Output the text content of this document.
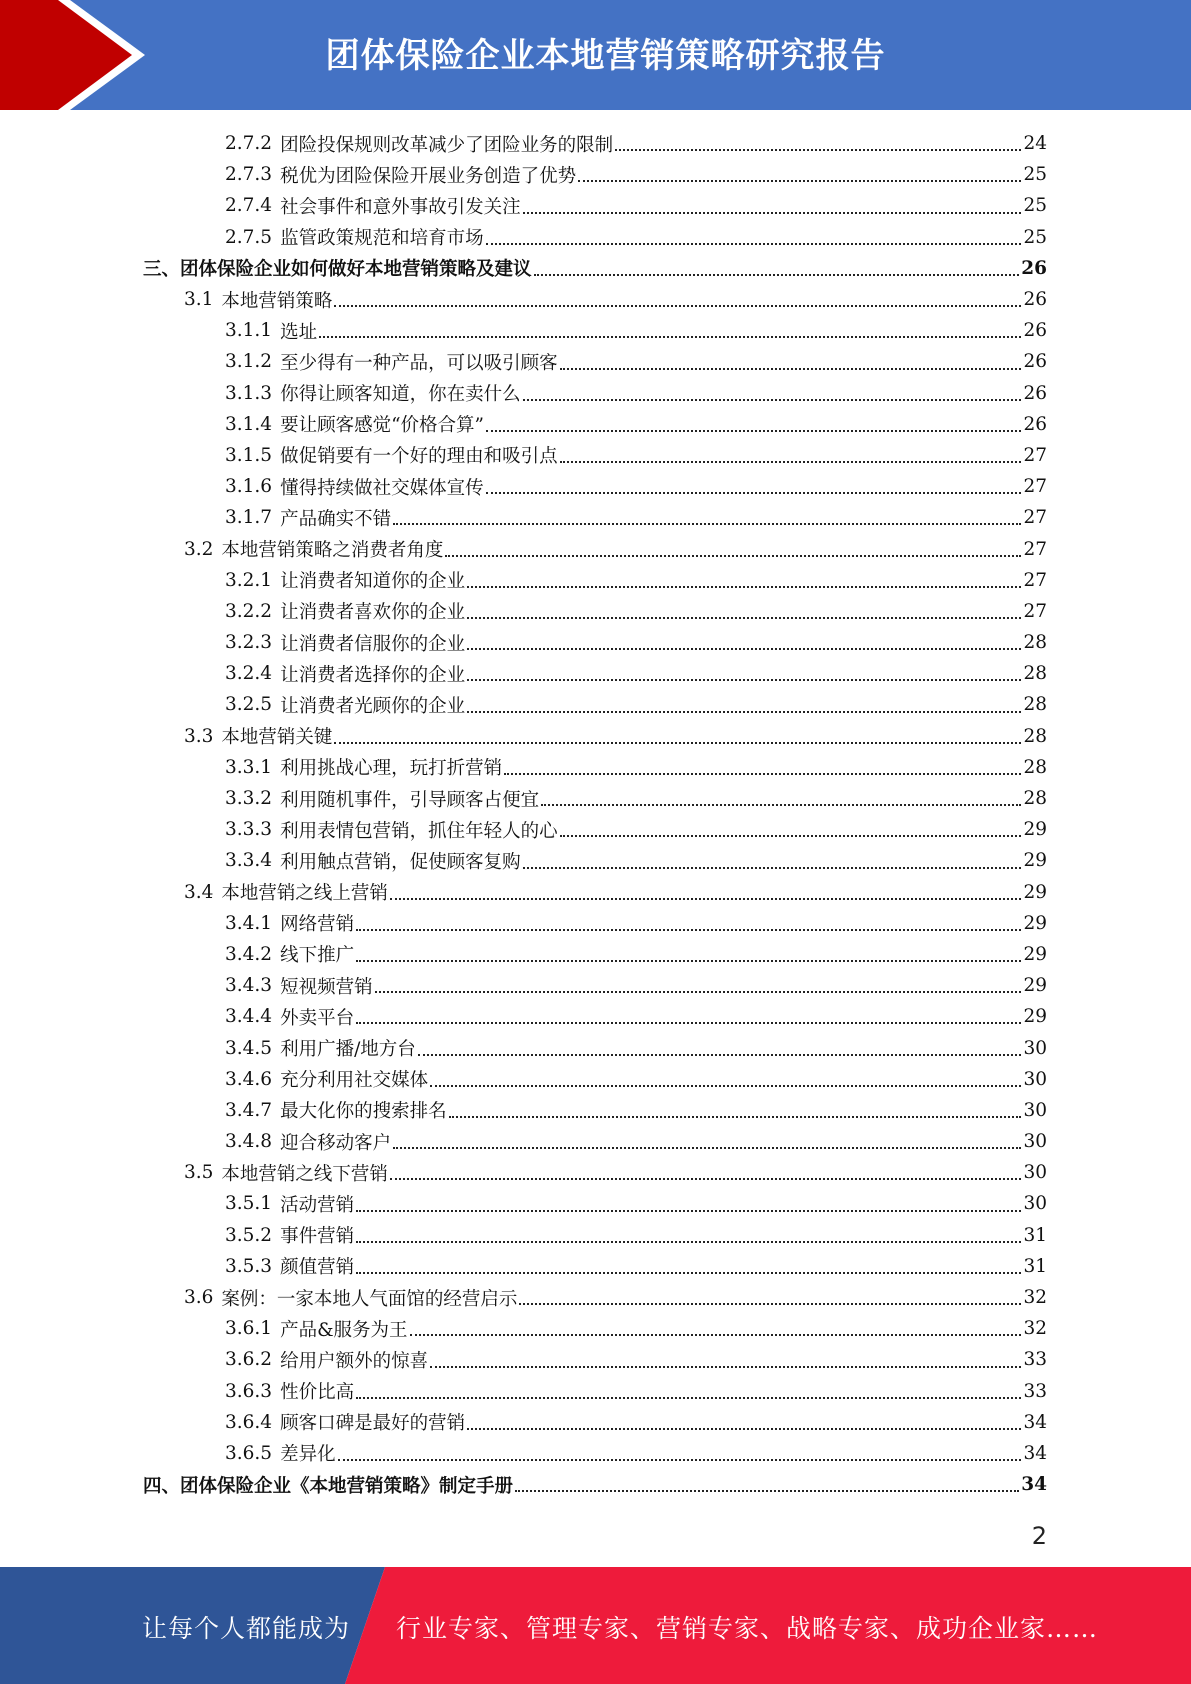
团体保险企业本地营销策略研究报告
2.7.2 团险投保规则改革减少了团险业务的限制	24
2.7.3 税优为团险保险开展业务创造了优势	25
2.7.4 社会事件和意外事故引发关注	25
2.7.5 监管政策规范和培育市场	25
三、团体保险企业如何做好本地营销策略及建议	26
3.1 本地营销策略	26
3.1.1 选址	26
3.1.2 至少得有一种产品，可以吸引顾客	26
3.1.3 你得让顾客知道，你在卖什么	26
3.1.4 要让顾客感觉“价格合算”	26
3.1.5 做促销要有一个好的理由和吸引点	27
3.1.6 懂得持续做社交媒体宣传	27
3.1.7 产品确实不错	27
3.2 本地营销策略之消费者角度	27
3.2.1 让消费者知道你的企业	27
3.2.2 让消费者喜欢你的企业	27
3.2.3 让消费者信服你的企业	28
3.2.4 让消费者选择你的企业	28
3.2.5 让消费者光顾你的企业	28
3.3 本地营销关键	28
3.3.1 利用挑战心理，玩打折营销	28
3.3.2 利用随机事件，引导顾客占便宜	28
3.3.3 利用表情包营销，抓住年轻人的心	29
3.3.4 利用触点营销，促使顾客复购	29
3.4 本地营销之线上营销	29
3.4.1 网络营销	29
3.4.2 线下推广	29
3.4.3 短视频营销	29
3.4.4 外卖平台	29
3.4.5 利用广播/地方台	30
3.4.6 充分利用社交媒体	30
3.4.7 最大化你的搜索排名	30
3.4.8 迎合移动客户	30
3.5 本地营销之线下营销	30
3.5.1 活动营销	30
3.5.2 事件营销	31
3.5.3 颜值营销	31
3.6 案例：一家本地人气面馆的经营启示	32
3.6.1 产品&服务为王	32
3.6.2 给用户额外的惊喜	33
3.6.3 性价比高	33
3.6.4 顾客口碑是最好的营销	34
3.6.5 差异化	34
四、团体保险企业《本地营销策略》制定手册	34
2
让每个人都能成为 行业专家、管理专家、营销专家、战略专家、成功企业家……
